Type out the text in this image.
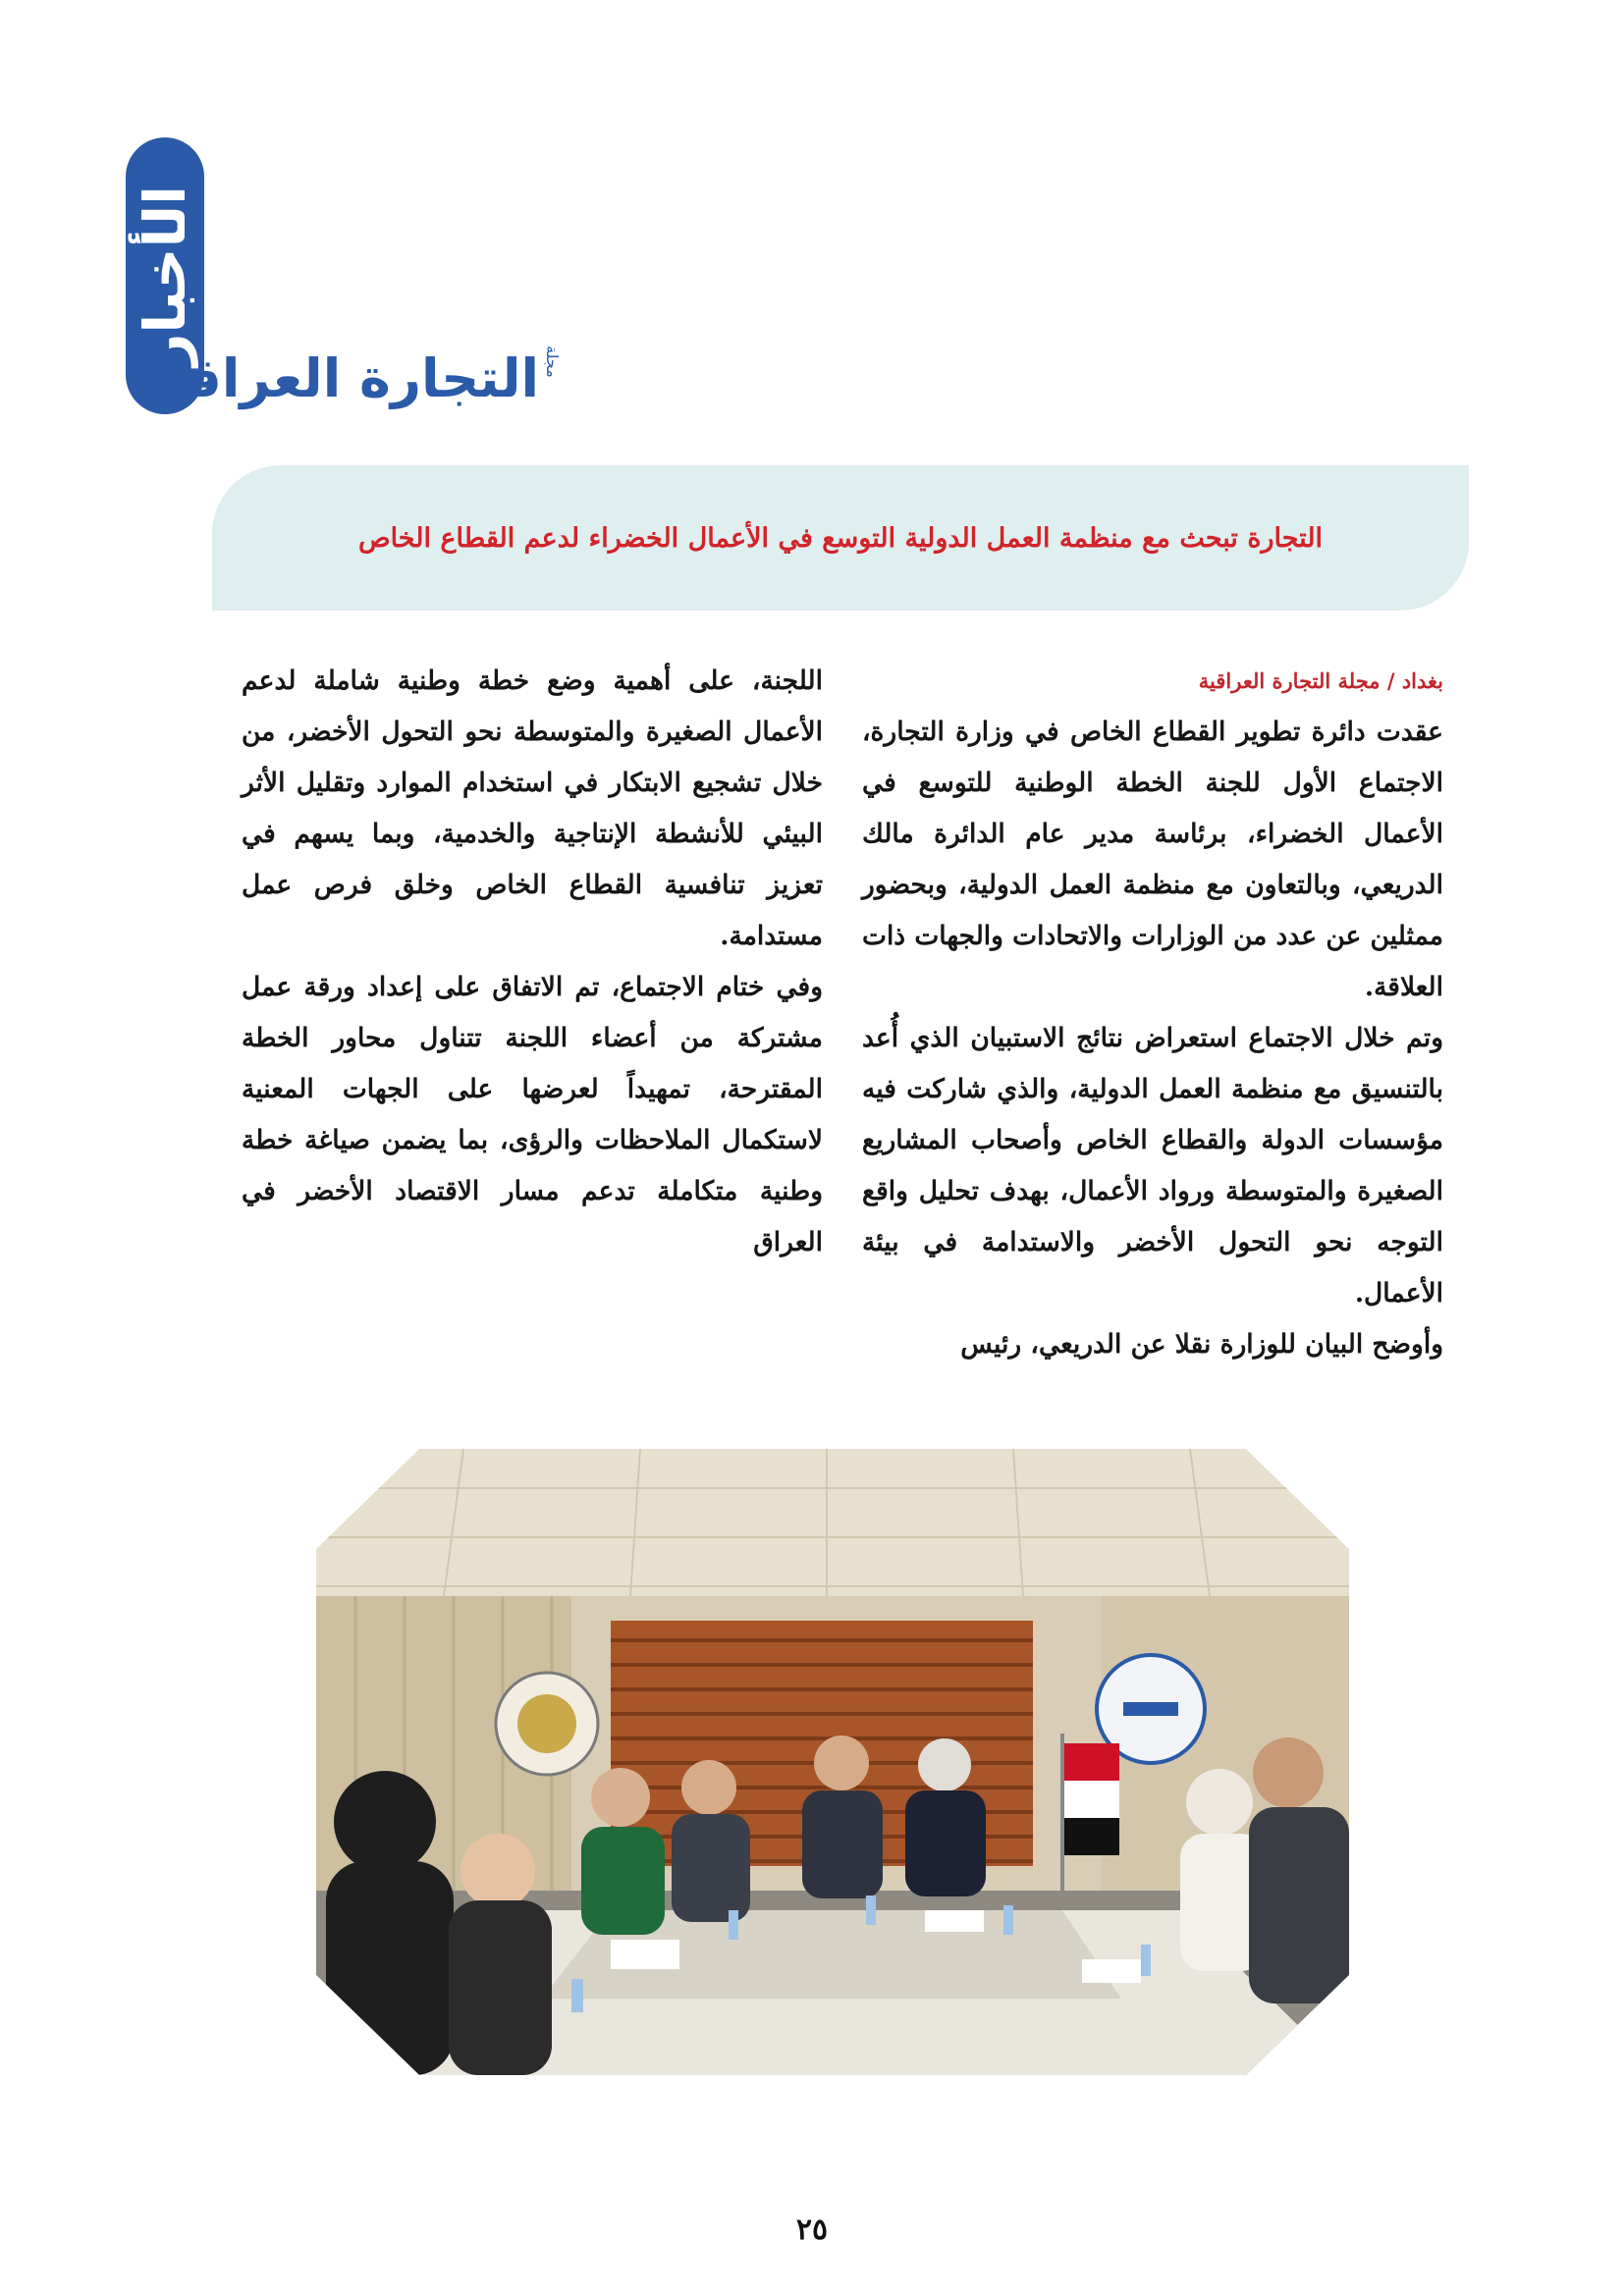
الأخبار	مجلة
التجارة العراقية
التجارة تبحث مع منظمة العمل الدولية التوسع في الأعمال الخضراء لدعم القطاع الخاص

بغداد / مجلة التجارة العراقية

عقدت دائرة تطوير القطاع الخاص في وزارة التجارة، الاجتماع الأول للجنة الخطة الوطنية للتوسع في الأعمال الخضراء، برئاسة مدير عام الدائرة مالك الدريعي، وبالتعاون مع منظمة العمل الدولية، وبحضور ممثلين عن عدد من الوزارات والاتحادات والجهات ذات العلاقة.

وتم خلال الاجتماع استعراض نتائج الاستبيان الذي أُعد بالتنسيق مع منظمة العمل الدولية، والذي شاركت فيه مؤسسات الدولة والقطاع الخاص وأصحاب المشاريع الصغيرة والمتوسطة ورواد الأعمال، بهدف تحليل واقع التوجه نحو التحول الأخضر والاستدامة في بيئة الأعمال.

وأوضح البيان للوزارة نقلا عن الدريعي، رئيس

اللجنة، على أهمية وضع خطة وطنية شاملة لدعم الأعمال الصغيرة والمتوسطة نحو التحول الأخضر، من خلال تشجيع الابتكار في استخدام الموارد وتقليل الأثر البيئي للأنشطة الإنتاجية والخدمية، وبما يسهم في تعزيز تنافسية القطاع الخاص وخلق فرص عمل مستدامة.

وفي ختام الاجتماع، تم الاتفاق على إعداد ورقة عمل مشتركة من أعضاء اللجنة تتناول محاور الخطة المقترحة، تمهيداً لعرضها على الجهات المعنية لاستكمال الملاحظات والرؤى، بما يضمن صياغة خطة وطنية متكاملة تدعم مسار الاقتصاد الأخضر في العراق

٢٥
